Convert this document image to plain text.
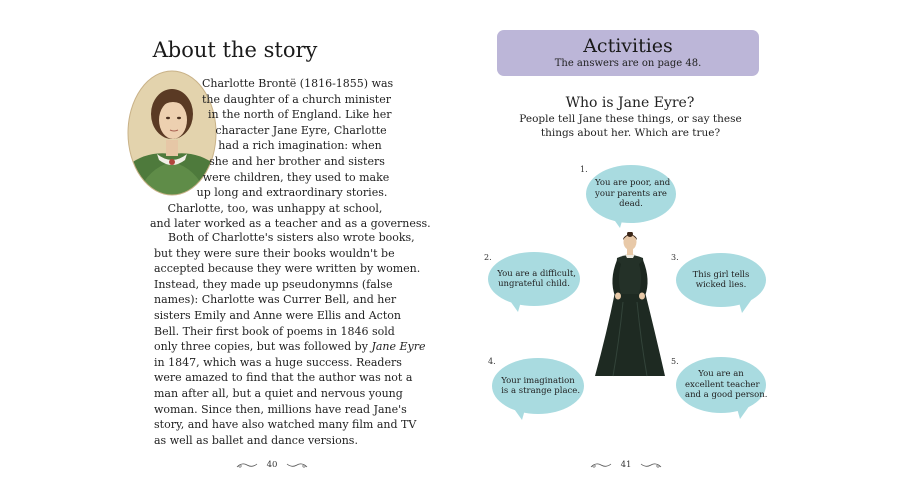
About the story
Charlotte Brontë (1816-1855) was
the daughter of a church minister
in the north of England. Like her
character Jane Eyre, Charlotte
had a rich imagination: when
she and her brother and sisters
were children, they used to make
up long and extraordinary stories.
Charlotte, too, was unhappy at school,
and later worked as a teacher and as a governess.
Both of Charlotte's sisters also wrote books,
but they were sure their books wouldn't be
accepted because they were written by women.
Instead, they made up pseudonymns (false
names): Charlotte was Currer Bell, and her
sisters Emily and Anne were Ellis and Acton
Bell. Their first book of poems in 1846 sold
only three copies, but was followed by Jane Eyre
in 1847, which was a huge success. Readers
were amazed to find that the author was not a
man after all, but a quiet and nervous young
woman. Since then, millions have read Jane's
story, and have also watched many film and TV
as well as ballet and dance versions.
40
Activities
The answers are on page 48.
Who is Jane Eyre?
People tell Jane these things, or say these
things about her. Which are true?
1.
You are poor, and
your parents are
dead.
2.
You are a difficult,
ungrateful child.
3.
This girl tells
wicked lies.
4.
Your imagination
is a strange place.
5.
You are an
excellent teacher
and a good person.
41
